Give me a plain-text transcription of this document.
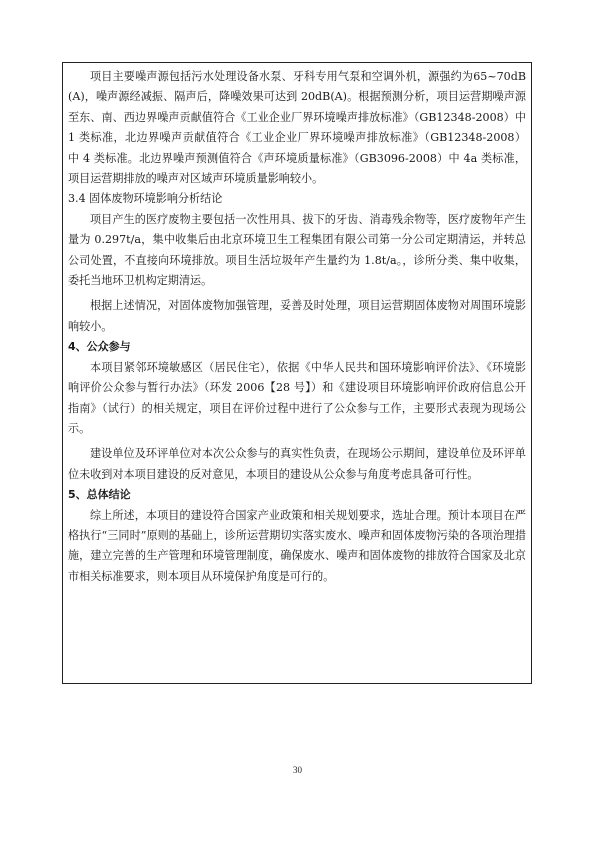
项目主要噪声源包括污水处理设备水泵、牙科专用气泵和空调外机，源强约为65~70dB(A)，噪声源经减振、隔声后，降噪效果可达到 20dB(A)。根据预测分析，项目运营期噪声源至东、南、西边界噪声贡献值符合《工业企业厂界环境噪声排放标准》（GB12348-2008）中 1 类标准，北边界噪声贡献值符合《工业企业厂界环境噪声排放标准》（GB12348-2008） 中 4 类标准。北边界噪声预测值符合《声环境质量标准》（GB3096-2008）中 4a 类标准，项目运营期排放的噪声对区域声环境质量影响较小。

3.4 固体废物环境影响分析结论

项目产生的医疗废物主要包括一次性用具、拔下的牙齿、消毒残余物等，医疗废物年产生量为 0.297t/a，集中收集后由北京环境卫生工程集团有限公司第一分公司定期清运，并转总公司处置，不直接向环境排放。项目生活垃圾年产生量约为 1.8t/a。，诊所分类、集中收集，委托当地环卫机构定期清运。

根据上述情况，对固体废物加强管理，妥善及时处理，项目运营期固体废物对周围环境影响较小。

4、公众参与

本项目紧邻环境敏感区（居民住宅），依据《中华人民共和国环境影响评价法》、《环境影响评价公众参与暂行办法》（环发 2006【28 号】）和《建设项目环境影响评价政府信息公开指南》（试行）的相关规定，项目在评价过程中进行了公众参与工作，主要形式表现为现场公示。

建设单位及环评单位对本次公众参与的真实性负责，在现场公示期间，建设单位及环评单位未收到对本项目建设的反对意见，本项目的建设从公众参与角度考虑具备可行性。

5、总体结论

综上所述，本项目的建设符合国家产业政策和相关规划要求，选址合理。预计本项目在严格执行“三同时”原则的基础上，诊所运营期切实落实废水、噪声和固体废物污染的各项治理措施，建立完善的生产管理和环境管理制度，确保废水、噪声和固体废物的排放符合国家及北京市相关标准要求，则本项目从环境保护角度是可行的。

30
